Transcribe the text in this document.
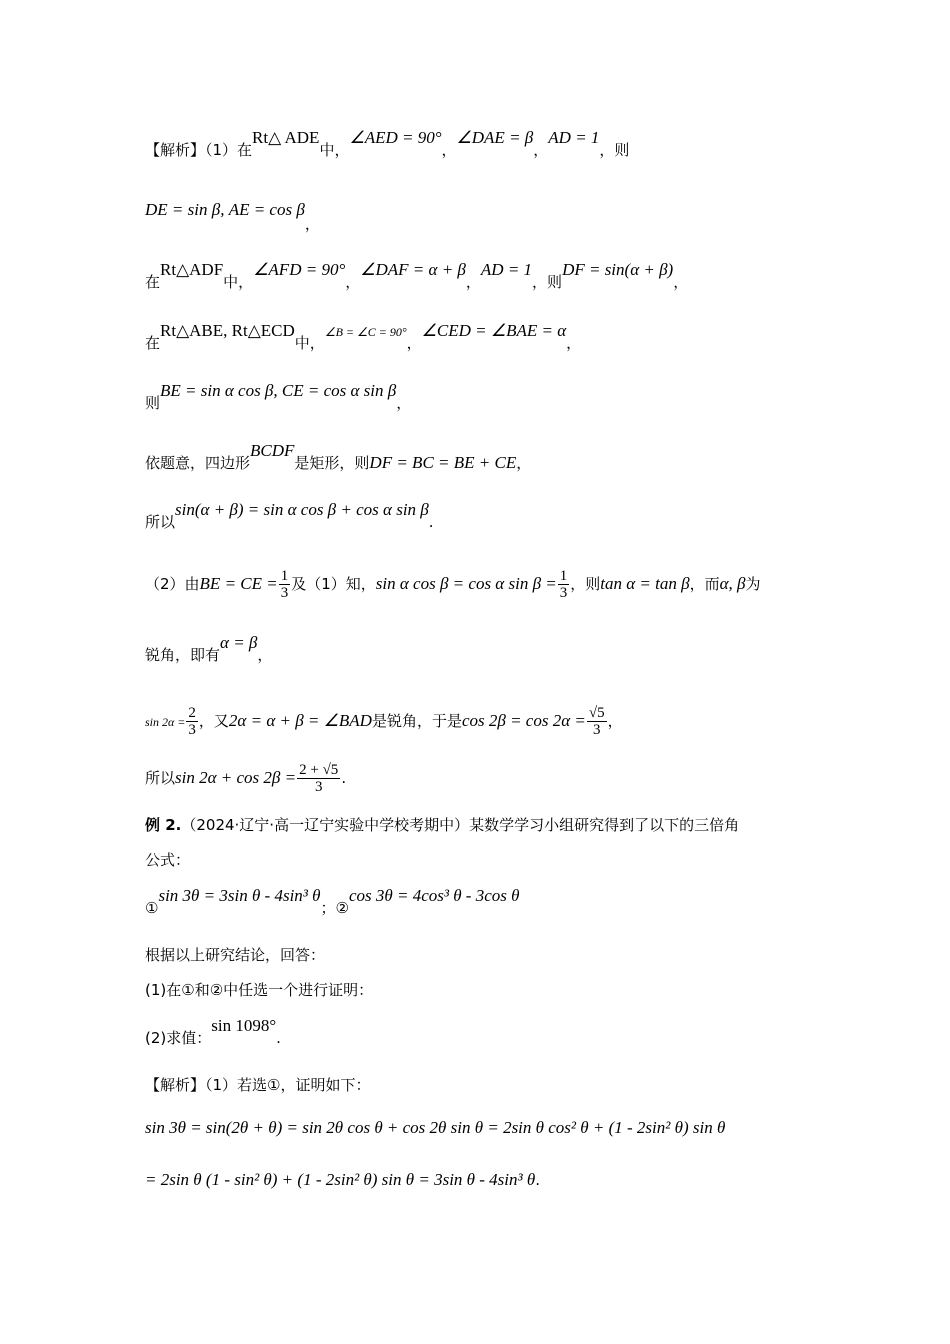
【解析】（1）在Rt△ ADE中，∠AED = 90°，∠DAE = β，AD = 1，则
DE = sin β, AE = cos β，
在Rt△ADF中，∠AFD = 90°，∠DAF = α + β，AD = 1，则DF = sin(α + β)，
在Rt△ABE, Rt△ECD中，$^{\angle B = \angle C = 90^\circ}$，∠CED = ∠BAE = α，
则BE = sin α cos β, CE = cos α sin β，
依题意，四边形BCDF是矩形，则DF = BC = BE + CE，
所以sin(α + β) = sin α cos β + cos α sin β.
（2）由BE = CE = $\frac{1}{3}$ 及（1）知，sin α cos β = cos α $\sin \beta = \frac{1}{3}$ ，则tan α = tan β，而α, β为
锐角，即有α = β，
$\sin 2\alpha = \frac{2}{3}$ ，又2α = α + β = ∠BAD是锐角，于是$\cos 2\beta = \cos 2\alpha = \frac{√5}{3}$ ，
所以$\sin 2\alpha + \cos 2\beta = \frac{2 + √5}{3}$ .
例 2.（2024·辽宁·高一辽宁实验中学校考期中）某数学学习小组研究得到了以下的三倍角
公式：
①sin 3θ = 3sin θ - 4sin³ θ；②cos 3θ = 4cos³ θ - 3cos θ
根据以上研究结论，回答：
(1)在①和②中任选一个进行证明：
(2)求值：sin 1098°.
【解析】（1）若选①，证明如下：
sin 3θ = sin(2θ + θ) = sin 2θ cos θ + cos 2θ sin θ = 2sin θ cos² θ + (1 - 2sin² θ) sin θ
= 2sin θ (1 - sin² θ) + (1 - 2sin² θ) sin θ = 3sin θ - 4sin³ θ.
